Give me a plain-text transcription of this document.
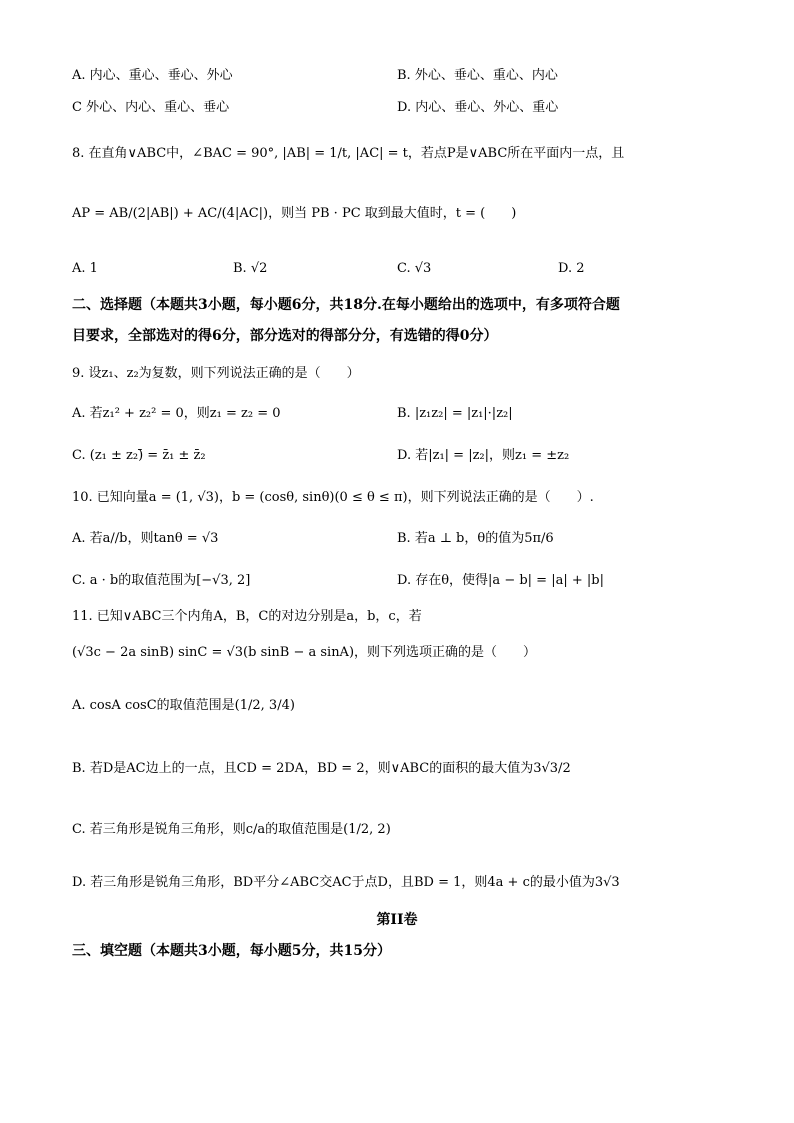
A. 内心、重心、垂心、外心	B. 外心、垂心、重心、内心
C 外心、内心、重心、垂心	D. 内心、垂心、外心、重心
8. 在直角∨ABC中，∠BAC = 90°, |AB| = 1/t, |AC| = t，若点P是∨ABC所在平面内一点，且
AP = AB/(2|AB|) + AC/(4|AC|)，则当 PB · PC 取到最大值时，t = (　　)
A. 1	B. √2	C. √3	D. 2
二、选择题（本题共3小题，每小题6分，共18分.在每小题给出的选项中，有多项符合题
目要求，全部选对的得6分，部分选对的得部分分，有选错的得0分）
9. 设z₁、z₂为复数，则下列说法正确的是（　　）
A. 若z₁² + z₂² = 0，则z₁ = z₂ = 0	B. |z₁z₂| = |z₁|·|z₂|
C. (z₁ ± z₂)̄ = z̄₁ ± z̄₂	D. 若|z₁| = |z₂|，则z₁ = ±z₂
10. 已知向量a = (1, √3)，b = (cosθ, sinθ)(0 ≤ θ ≤ π)，则下列说法正确的是（　　）.
A. 若a//b，则tanθ = √3	B. 若a ⊥ b，θ的值为5π/6
C. a · b的取值范围为[−√3, 2]	D. 存在θ，使得|a − b| = |a| + |b|
11. 已知∨ABC三个内角A，B，C的对边分别是a，b，c，若
(√3c − 2a sinB) sinC = √3(b sinB − a sinA)，则下列选项正确的是（　　）
A. cosA cosC的取值范围是(1/2, 3/4)
B. 若D是AC边上的一点，且CD = 2DA，BD = 2，则∨ABC的面积的最大值为3√3/2
C. 若三角形是锐角三角形，则c/a的取值范围是(1/2, 2)
D. 若三角形是锐角三角形，BD平分∠ABC交AC于点D，且BD = 1，则4a + c的最小值为3√3
第II卷
三、填空题（本题共3小题，每小题5分，共15分）
